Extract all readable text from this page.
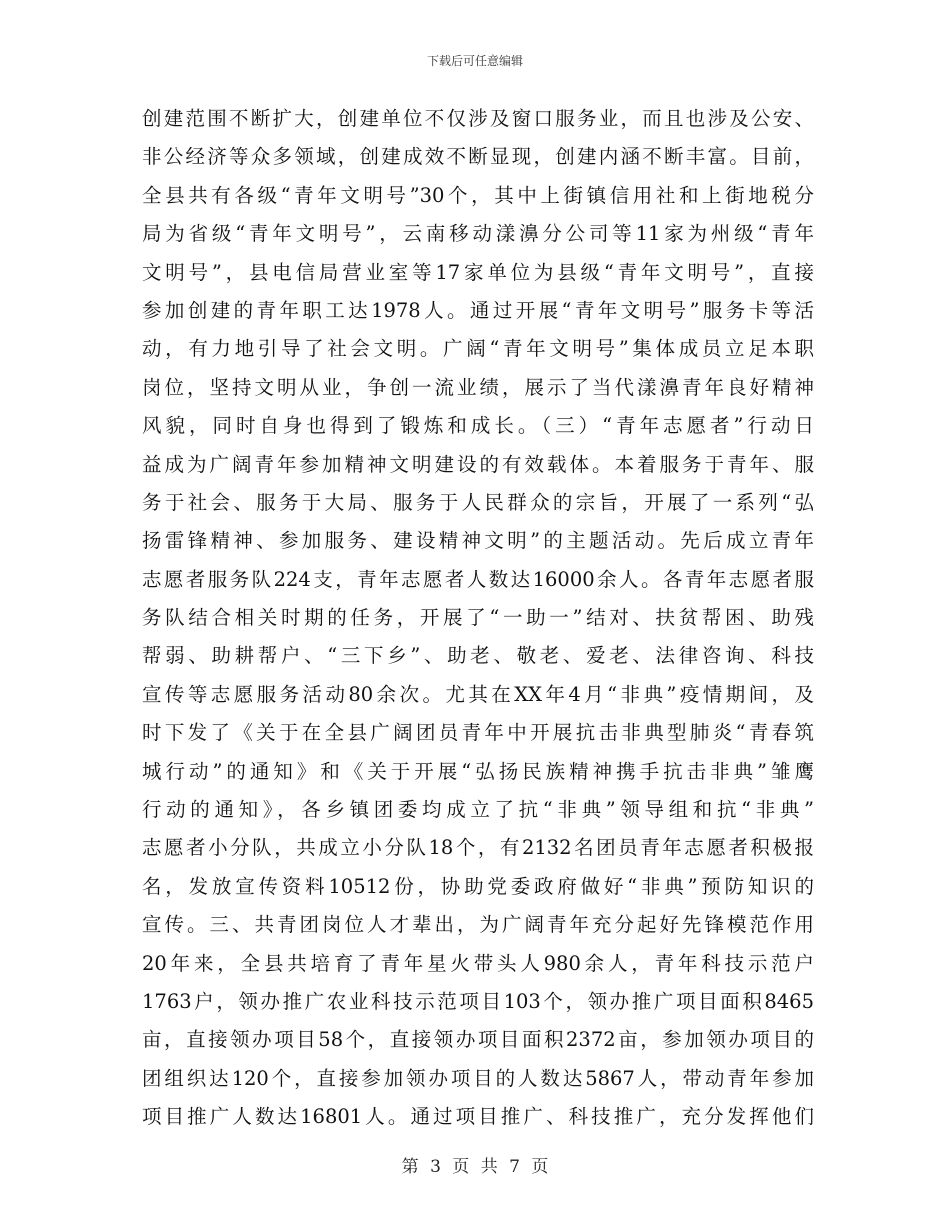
下载后可任意编辑
创建范围不断扩大，创建单位不仅涉及窗口服务业，而且也涉及公安、
非公经济等众多领域，创建成效不断显现，创建内涵不断丰富。目前，
全县共有各级“青年文明号”30个，其中上街镇信用社和上街地税分
局为省级“青年文明号”，云南移动漾濞分公司等11家为州级“青年
文明号”，县电信局营业室等17家单位为县级“青年文明号”，直接
参加创建的青年职工达1978人。通过开展“青年文明号”服务卡等活
动，有力地引导了社会文明。广阔“青年文明号”集体成员立足本职
岗位，坚持文明从业，争创一流业绩，展示了当代漾濞青年良好精神
风貌，同时自身也得到了锻炼和成长。（三）“青年志愿者”行动日
益成为广阔青年参加精神文明建设的有效载体。本着服务于青年、服
务于社会、服务于大局、服务于人民群众的宗旨，开展了一系列“弘
扬雷锋精神、参加服务、建设精神文明”的主题活动。先后成立青年
志愿者服务队224支，青年志愿者人数达16000余人。各青年志愿者服
务队结合相关时期的任务，开展了“一助一”结对、扶贫帮困、助残
帮弱、助耕帮户、“三下乡”、助老、敬老、爱老、法律咨询、科技
宣传等志愿服务活动80余次。尤其在XX年4月“非典”疫情期间，及
时下发了《关于在全县广阔团员青年中开展抗击非典型肺炎“青春筑
城行动”的通知》和《关于开展“弘扬民族精神携手抗击非典”雏鹰
行动的通知》，各乡镇团委均成立了抗“非典”领导组和抗“非典”
志愿者小分队，共成立小分队18个，有2132名团员青年志愿者积极报
名，发放宣传资料10512份，协助党委政府做好“非典”预防知识的
宣传。三、共青团岗位人才辈出，为广阔青年充分起好先锋模范作用
20年来，全县共培育了青年星火带头人980余人，青年科技示范户
1763户，领办推广农业科技示范项目103个，领办推广项目面积8465
亩，直接领办项目58个，直接领办项目面积2372亩，参加领办项目的
团组织达120个，直接参加领办项目的人数达5867人，带动青年参加
项目推广人数达16801人。通过项目推广、科技推广，充分发挥他们
第 3 页 共 7 页
